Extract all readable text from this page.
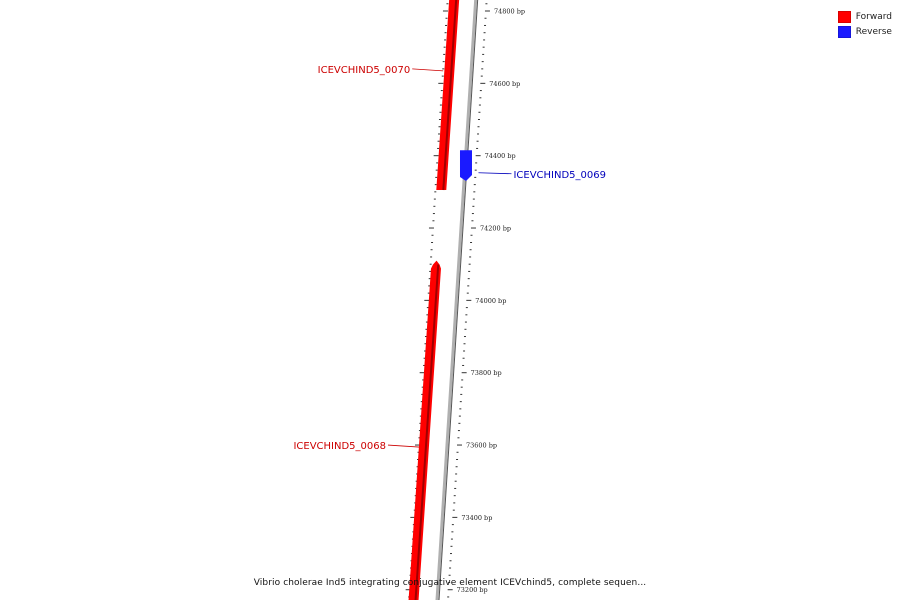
74800 bp
74600 bp
74400 bp
74200 bp
74000 bp
73800 bp
73600 bp
73400 bp
73200 bp
ICEVCHIND5_0070
ICEVCHIND5_0069
ICEVCHIND5_0068
Forward
Reverse
Vibrio cholerae Ind5 integrating conjugative element ICEVchind5, complete sequen...
